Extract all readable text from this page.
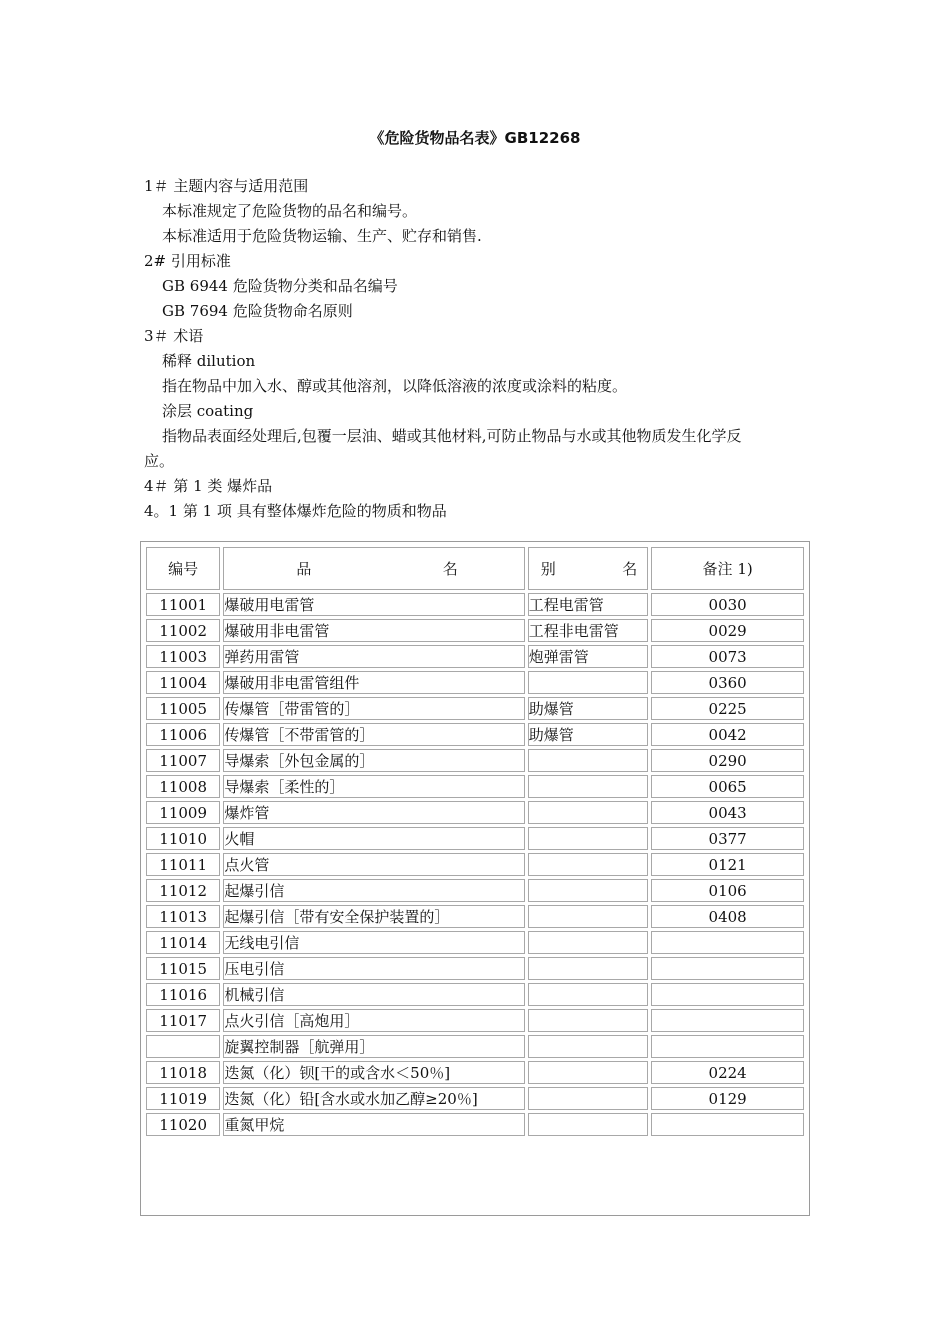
《危险货物品名表》GB12268
1＃ 主题内容与适用范围
本标准规定了危险货物的品名和编号。
本标准适用于危险货物运输、生产、贮存和销售.
2# 引用标准
GB 6944 危险货物分类和品名编号
GB 7694 危险货物命名原则
3＃ 术语
稀释 dilution
指在物品中加入水、醇或其他溶剂，以降低溶液的浓度或涂料的粘度。
涂层 coating
指物品表面经处理后,包覆一层油、蜡或其他材料,可防止物品与水或其他物质发生化学反
应。
4＃ 第 1 类 爆炸品
4。1 第 1 项 具有整体爆炸危险的物质和物品
编号	品 名	别 名	备注 1)
11001	爆破用电雷管	工程电雷管	0030
11002	爆破用非电雷管	工程非电雷管	0029
11003	弹药用雷管	炮弹雷管	0073
11004	爆破用非电雷管组件		0360
11005	传爆管［带雷管的］	助爆管	0225
11006	传爆管［不带雷管的］	助爆管	0042
11007	导爆索［外包金属的］		0290
11008	导爆索［柔性的］		0065
11009	爆炸管		0043
11010	火帽		0377
11011	点火管		0121
11012	起爆引信		0106
11013	起爆引信［带有安全保护装置的］		0408
11014	无线电引信		
11015	压电引信		
11016	机械引信		
11017	点火引信［高炮用］		
	旋翼控制器［航弹用］		
11018	迭氮（化）钡[干的或含水＜50％]		0224
11019	迭氮（化）铅[含水或水加乙醇≥20％]		0129
11020	重氮甲烷		
